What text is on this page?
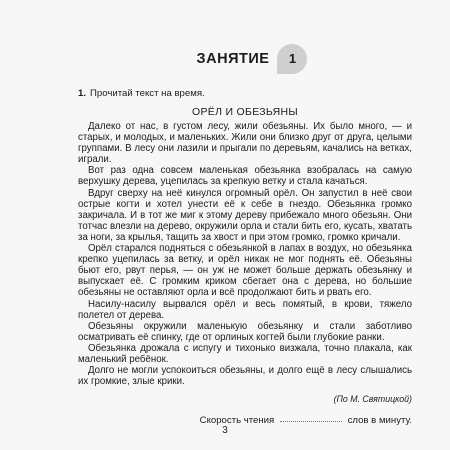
ЗАНЯТИЕ	1
1. Прочитай текст на время.
ОРЁЛ И ОБЕЗЬЯНЫ

Далеко от нас, в густом лесу, жили обезьяны. Их было много, — и старых, и молодых, и маленьких. Жили они близко друг от друга, целыми группами. В лесу они лазили и прыгали по деревьям, качались на ветках, играли.

Вот раз одна совсем маленькая обезьянка взобралась на самую верхушку дерева, уцепилась за крепкую ветку и стала качаться.

Вдруг сверху на неё кинулся огромный орёл. Он запустил в неё свои острые когти и хотел унести её к себе в гнездо. Обезьянка громко закричала. И в тот же миг к этому дереву прибежало много обезьян. Они тотчас влезли на дерево, окружили орла и стали бить его, кусать, хватать за ноги, за крылья, тащить за хвост и при этом громко, громко кричали.

Орёл старался подняться с обезьянкой в лапах в воздух, но обезьянка крепко уцепилась за ветку, и орёл никак не мог поднять её. Обезьяны бьют его, рвут перья, — он уж не может больше держать обезьянку и выпускает её. С громким криком сбегает она с дерева, но большие обезьяны не оставляют орла и всё продолжают бить и рвать его.

Насилу-насилу вырвался орёл и весь помятый, в крови, тяжело полетел от дерева.

Обезьяны окружили маленькую обезьянку и стали заботливо осматривать её спинку, где от орлиных когтей были глубокие ранки.

Обезьянка дрожала с испугу и тихонько визжала, точно плакала, как маленький ребёнок.

Долго не могли успокоиться обезьяны, и долго ещё в лесу слышались их громкие, злые крики.

(По М. Святицкой)
Скорость чтения	слов в минуту.
3
